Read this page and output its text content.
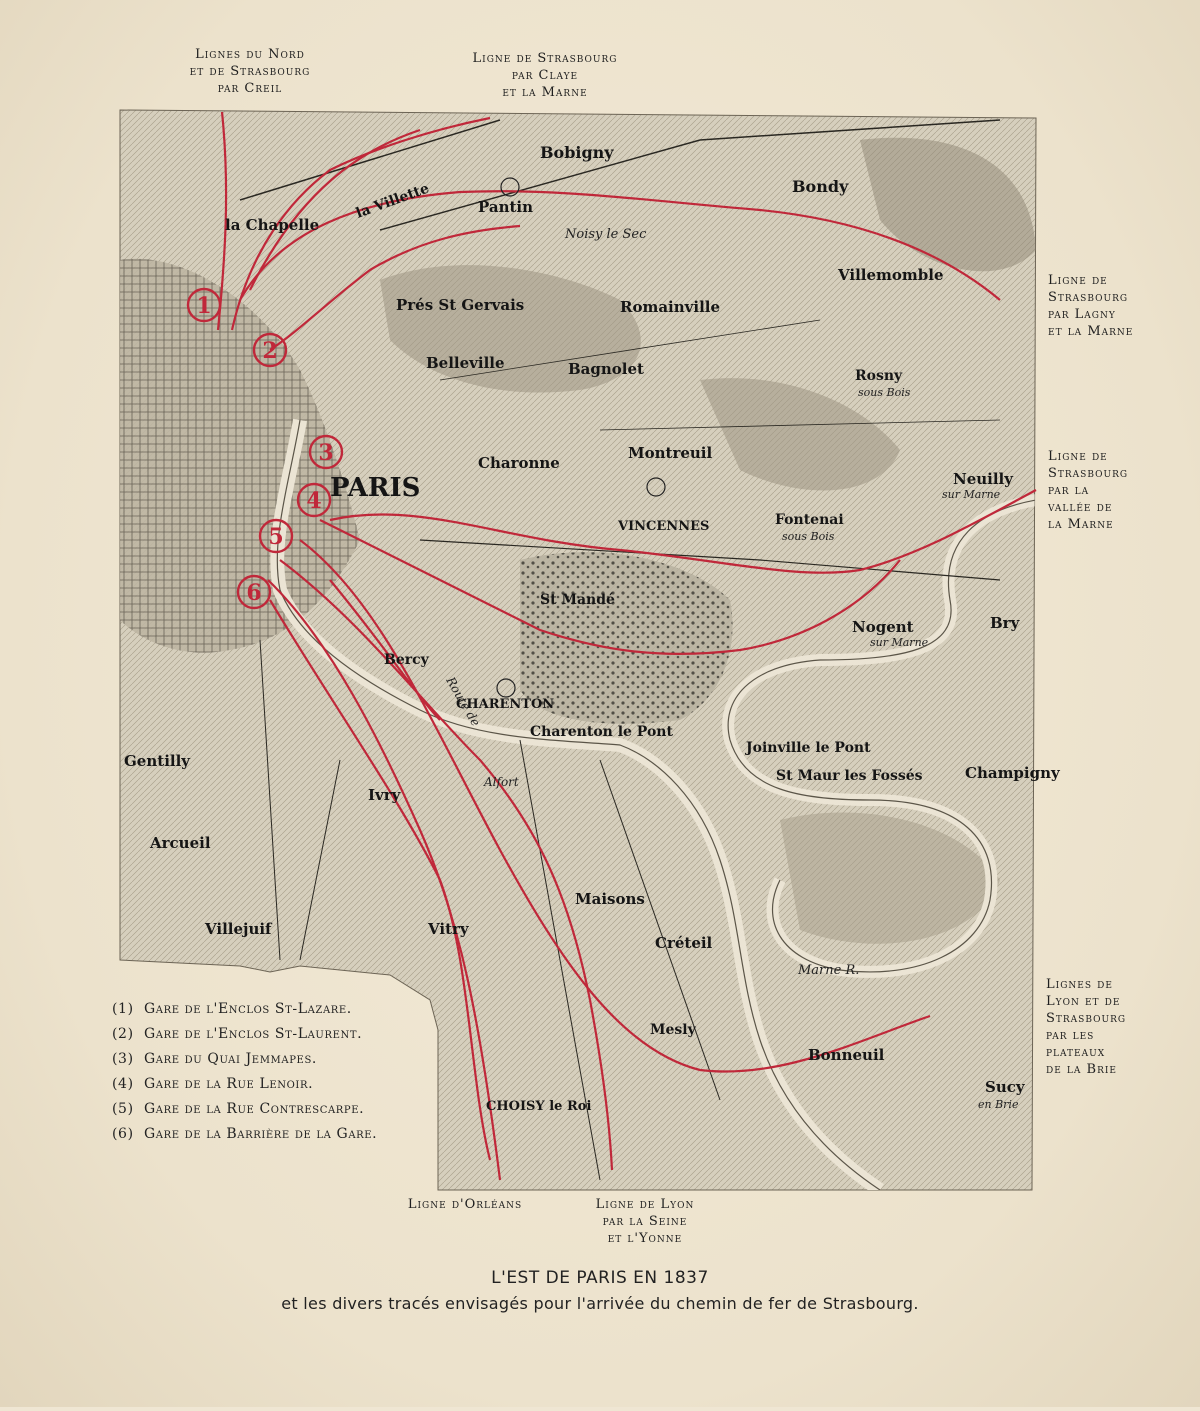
Lignes du Nord
et de Strasbourg
par Creil
Ligne de Strasbourg
par Claye
et la Marne
Ligne de
Strasbourg
par Lagny
et la Marne
Ligne de
Strasbourg
par la
vallée de
la Marne
Lignes de
Lyon et de
Strasbourg
par les
plateaux
de la Brie
Ligne d'Orléans	Ligne de Lyon
par la Seine
et l'Yonne
1
2
3
4
5
6
Bobigny
Pantin
la Villette
la Chapelle
Bondy
Noisy le Sec
Prés St Gervais	Romainville
Villemomble
Belleville	Bagnolet	Rosny
sous Bois
Charonne
Montreuil
PARIS
VINCENNES	Fontenai
sous Bois
Neuilly
sur Marne
St Mandé
Nogent
sur Marne
Bercy
CHARENTON
Charenton le Pont
Joinville le Pont
St Maur les Fossés	Champigny
Bry
Gentilly
Ivry
Arcueil
Villejuif	Vitry
Maisons
Créteil
Mesly
CHOISY le Roi
Bonneuil
Sucy
en Brie
Alfort
Marne R.
Route de
(1) Gare de l'Enclos St-Lazare.
(2) Gare de l'Enclos St-Laurent.
(3) Gare du Quai Jemmapes.
(4) Gare de la Rue Lenoir.
(5) Gare de la Rue Contrescarpe.
(6) Gare de la Barrière de la Gare.
L'EST DE PARIS EN 1837
et les divers tracés envisagés pour l'arrivée du chemin de fer de Strasbourg.
